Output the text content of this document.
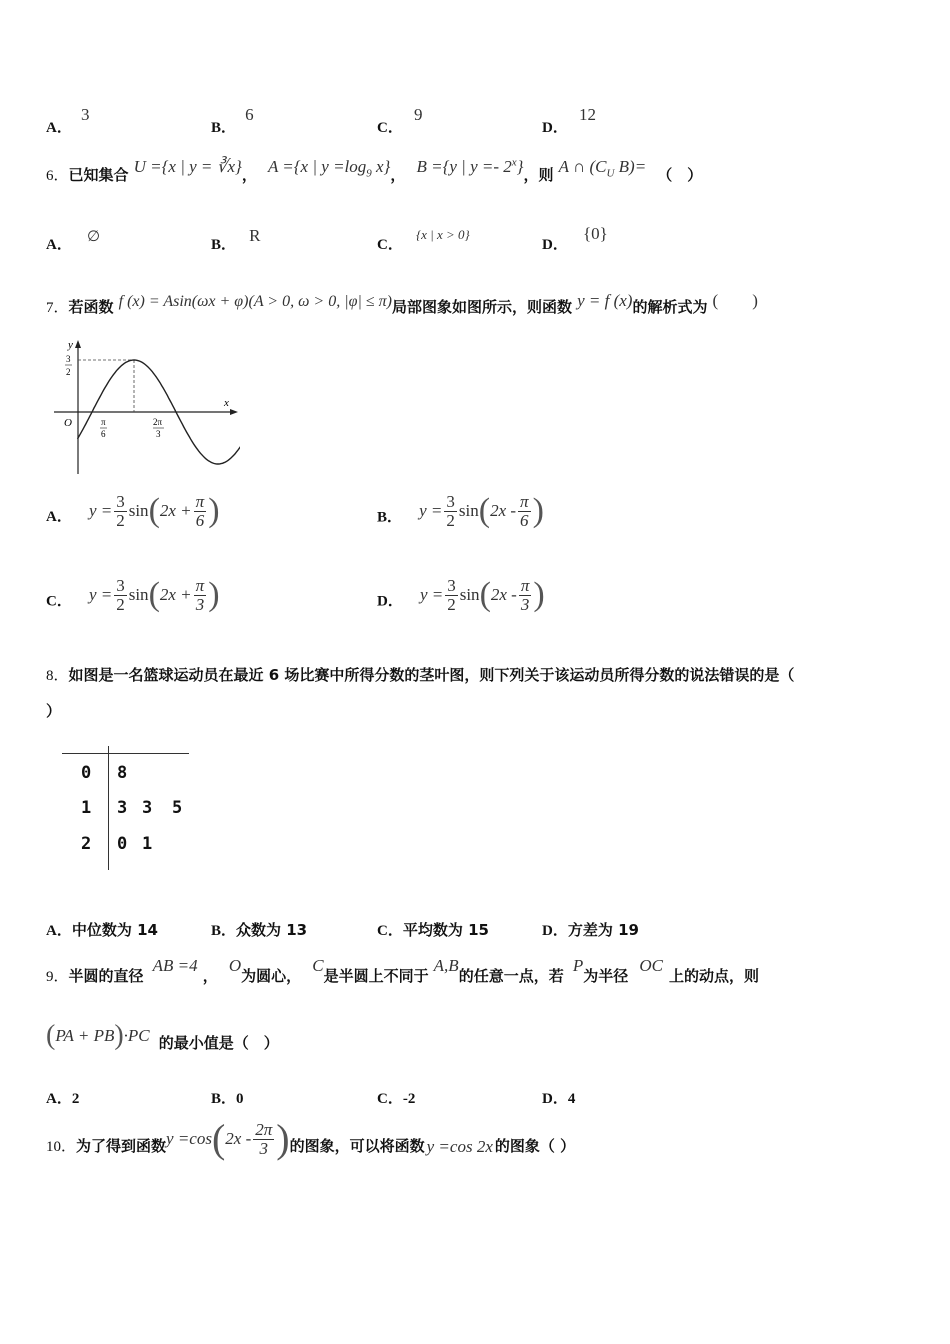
A． 3
B． 6
C． 9
D． 12
6．已知集合 U ={x | y = ∛x}， A ={x | $y =\log_9$ x}， B ={y | y =- 2$^x$}，则 A ∩ ($C_U$ B)= （　）
A． ∅	B． R	C． $^{\{x | x > 0\}}$
D． {0}
7．若函数 f (x) = Asin(ωx + φ)(A > 0, ω > 0, |φ| ≤ π)局部图象如图所示，则函数 y = f (x)的解析式为 (　　)
y
x
O
3
2
π
6
2π
3
A． $y = \frac{3}{2}$ sin ( $2x + \frac{\pi}{6}$ )	B． $y = \frac{3}{2}$ sin ( $2x - \frac{\pi}{6}$ )
C． $y = \frac{3}{2}$ sin ( $2x + \frac{\pi}{3}$ )	D． $y = \frac{3}{2}$ sin ( $2x - \frac{\pi}{3}$ )
8．如图是一名篮球运动员在最近 6 场比赛中所得分数的茎叶图，则下列关于该运动员所得分数的说法错误的是（
）
0 8
1 3 3 5
2 0 1
A．中位数为 14	B．众数为 13	C．平均数为 15	D．方差为 19
9．半圆的直径 AB =4 ， O为圆心， C是半圆上不同于 A,B的任意一点，若 P为半径 OC上的动点，则
( PA + PB ) ·PC 的最小值是（　）
A．2	B．0	C．-2	D．4
10． 为了得到函数 y =cos ( $2x - \frac{2\pi}{3}$ ) 的图象，可以将函数 y =cos 2x 的图象（ ）
